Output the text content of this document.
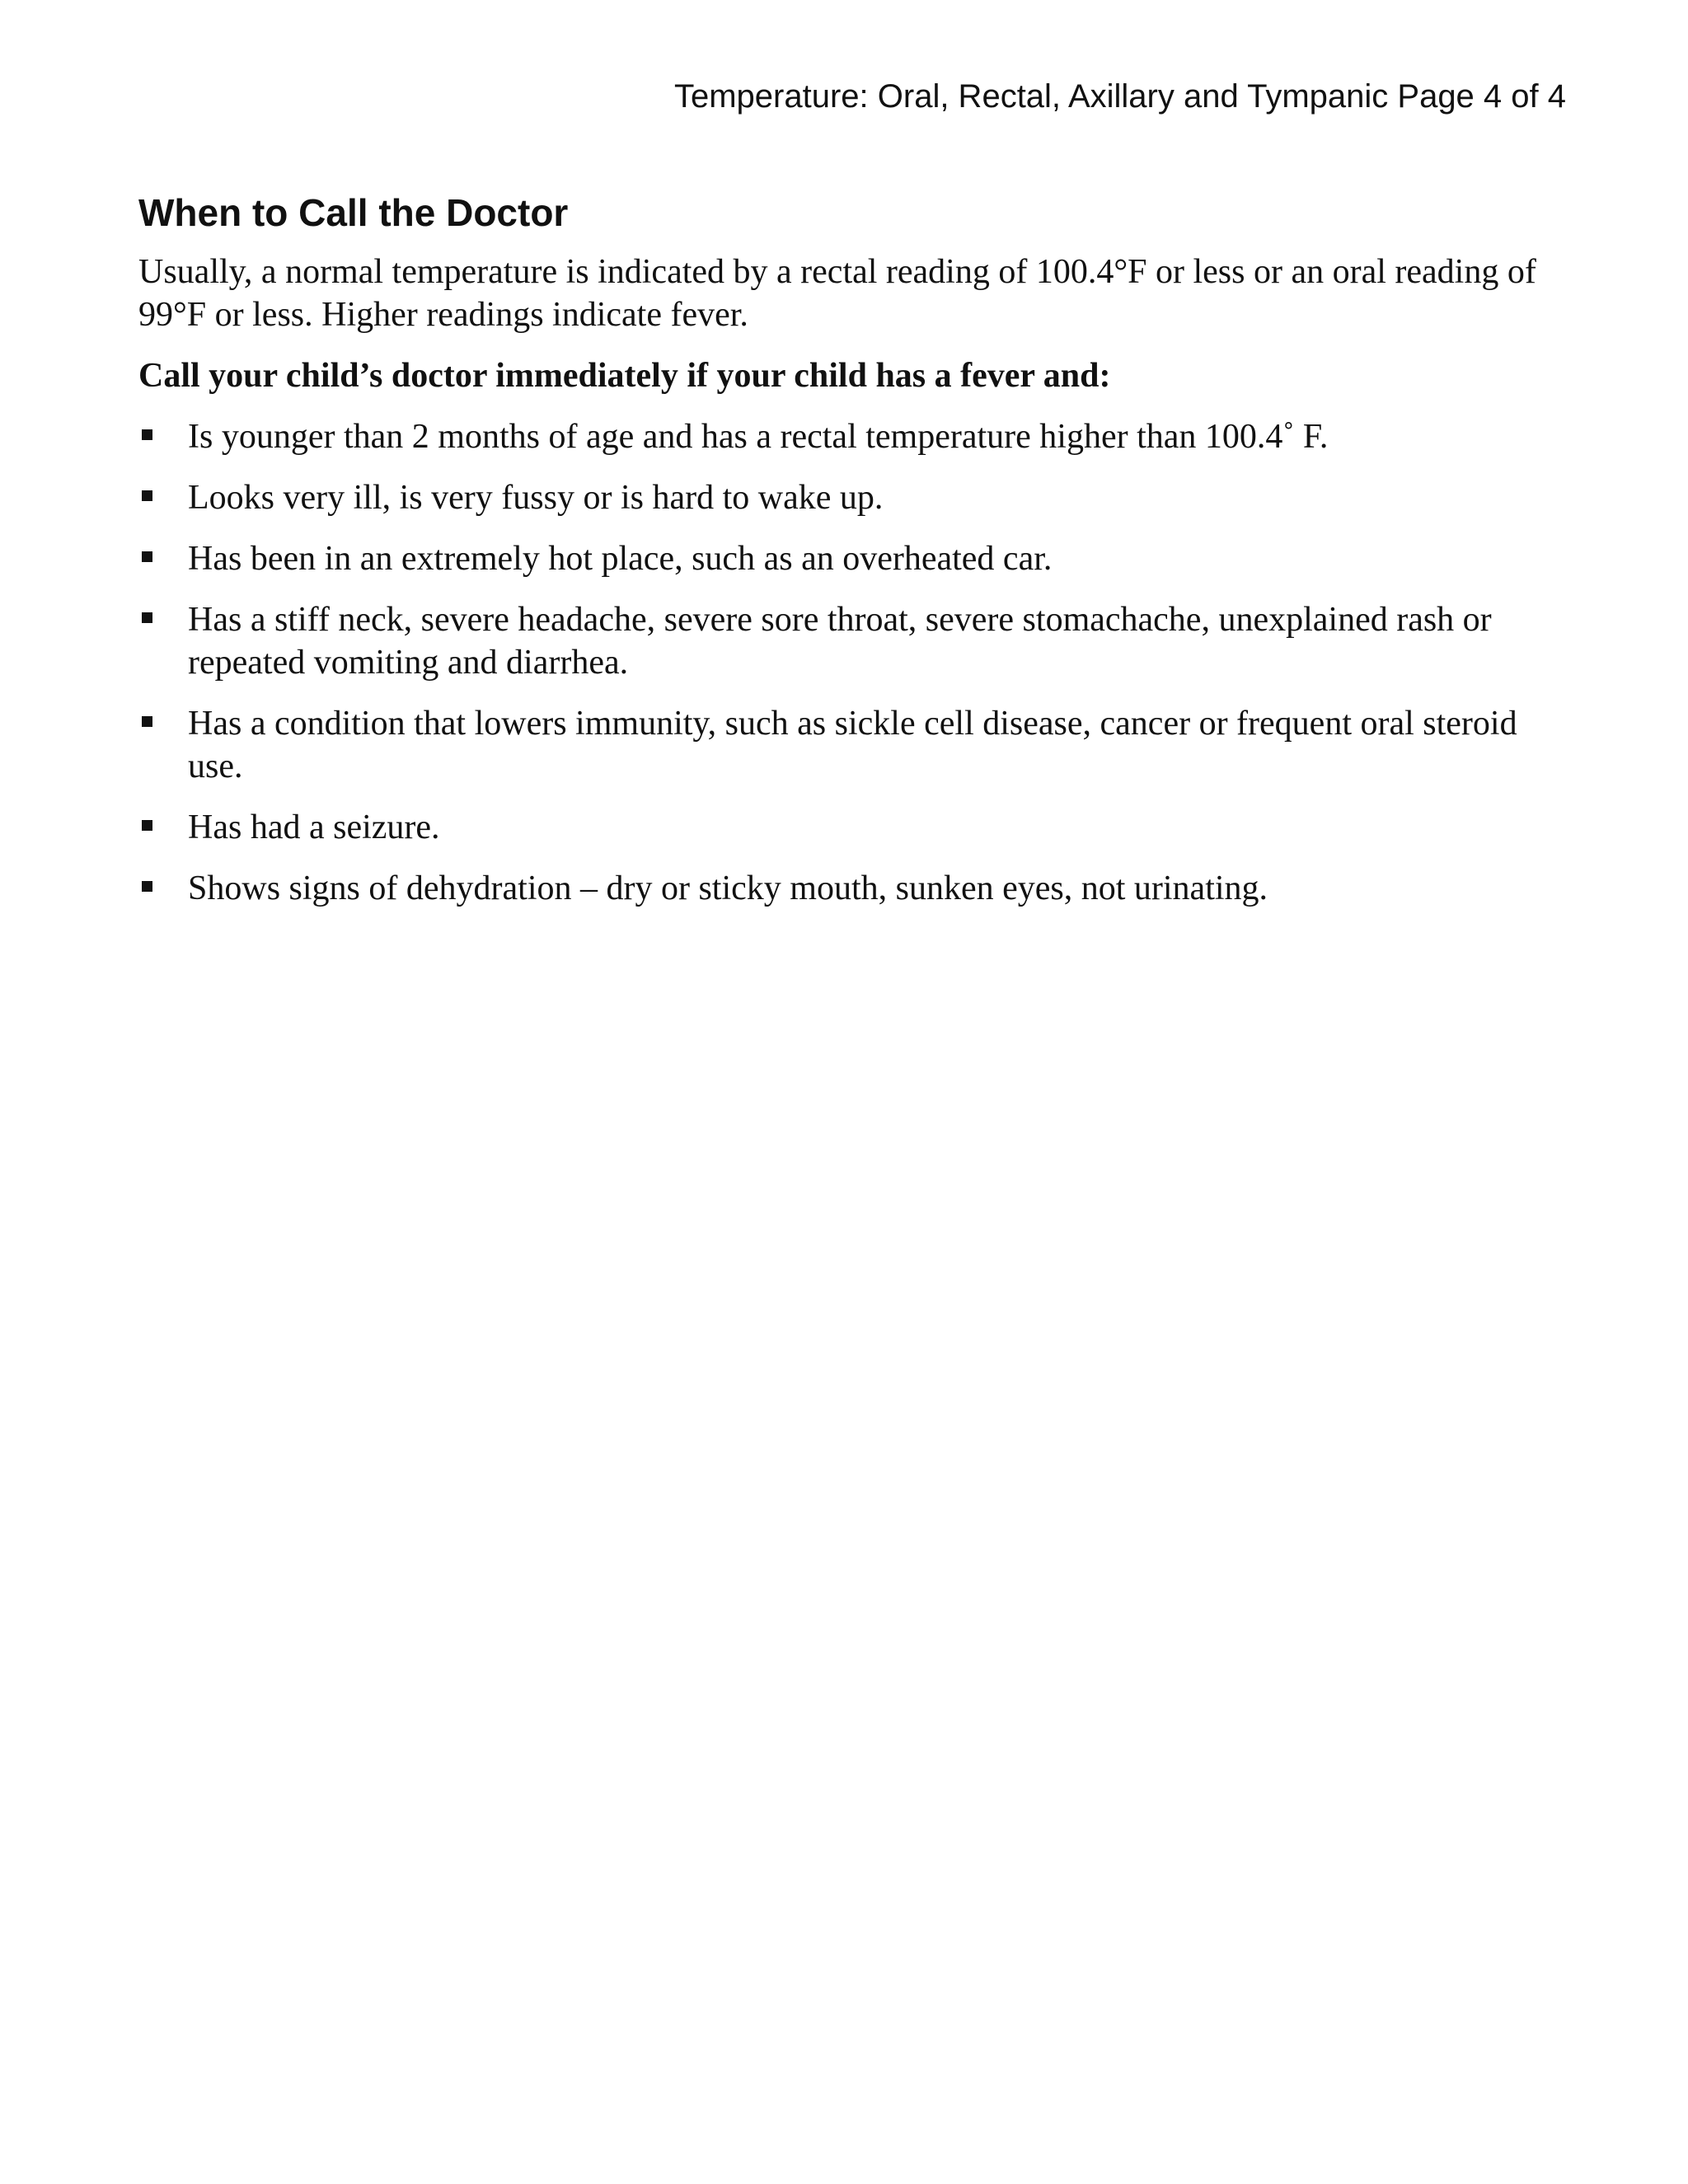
Temperature: Oral, Rectal, Axillary and Tympanic Page 4 of 4
When to Call the Doctor

Usually, a normal temperature is indicated by a rectal reading of 100.4°F or less or an oral reading of 99°F or less. Higher readings indicate fever.

Call your child’s doctor immediately if your child has a fever and:

Is younger than 2 months of age and has a rectal temperature higher than 100.4˚ F.
Looks very ill, is very fussy or is hard to wake up.
Has been in an extremely hot place, such as an overheated car.
Has a stiff neck, severe headache, severe sore throat, severe stomachache, unexplained rash or repeated vomiting and diarrhea.
Has a condition that lowers immunity, such as sickle cell disease, cancer or frequent oral steroid use.
Has had a seizure.
Shows signs of dehydration – dry or sticky mouth, sunken eyes, not urinating.
